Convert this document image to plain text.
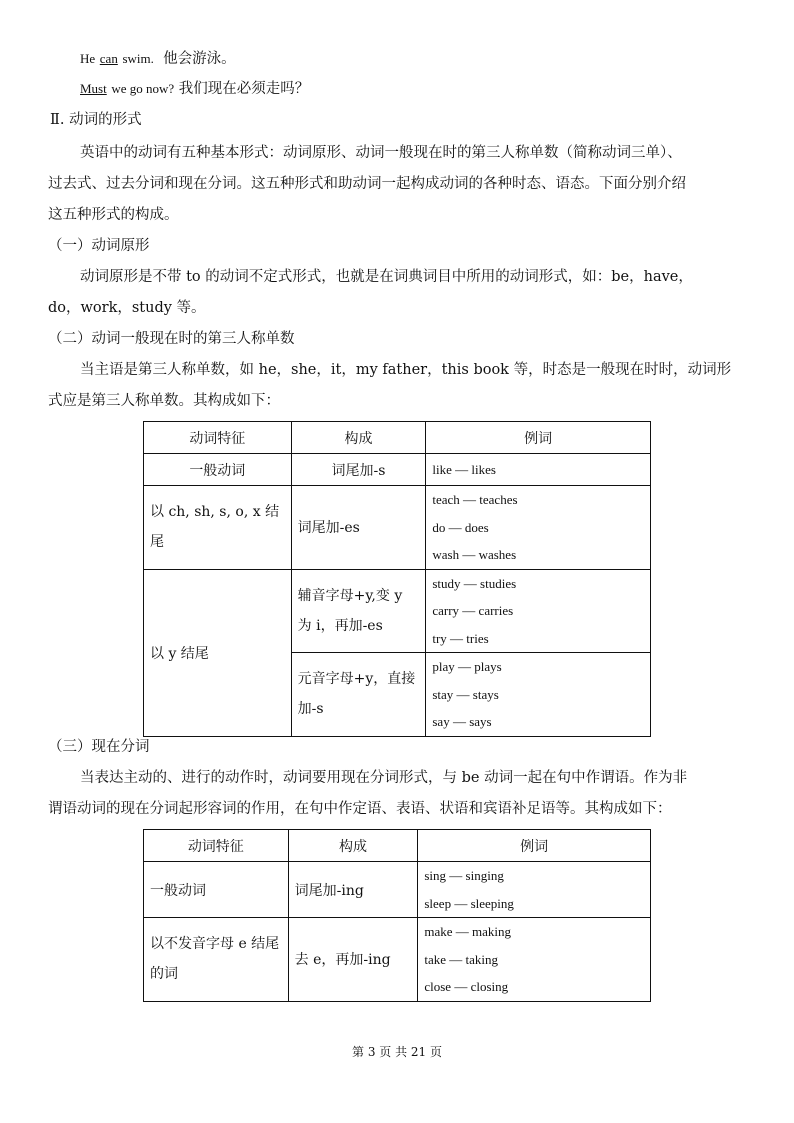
He can swim. 他会游泳。
Must we go now? 我们现在必须走吗？
Ⅱ. 动词的形式
英语中的动词有五种基本形式：动词原形、动词一般现在时的第三人称单数（简称动词三单）、
过去式、过去分词和现在分词。这五种形式和助动词一起构成动词的各种时态、语态。下面分别介绍
这五种形式的构成。
（一）动词原形
动词原形是不带 to 的动词不定式形式，也就是在词典词目中所用的动词形式，如：be，have，
do，work，study 等。
（二）动词一般现在时的第三人称单数
当主语是第三人称单数，如 he，she，it，my father，this book 等，时态是一般现在时时，动词形
式应是第三人称单数。其构成如下：
动词特征	构成	例词
一般动词	词尾加-s	like — likes

以 ch, sh, s, o, x 结尾	词尾加-es	teach — teaches
do — does
wash — washes

以 y 结尾	辅音字母+y,变 y 为 i，再加-es	study — studies
carry — carries
try — tries

	元音字母+y，直接加-s	play — plays
stay — stays
say — says
（三）现在分词
当表达主动的、进行的动作时，动词要用现在分词形式，与 be 动词一起在句中作谓语。作为非
谓语动词的现在分词起形容词的作用，在句中作定语、表语、状语和宾语补足语等。其构成如下：
动词特征	构成	例词
一般动词	词尾加-ing	sing — singing
sleep — sleeping

以不发音字母 e 结尾的词	去 e，再加-ing	make — making
take — taking
close — closing
第 3 页 共 21 页
